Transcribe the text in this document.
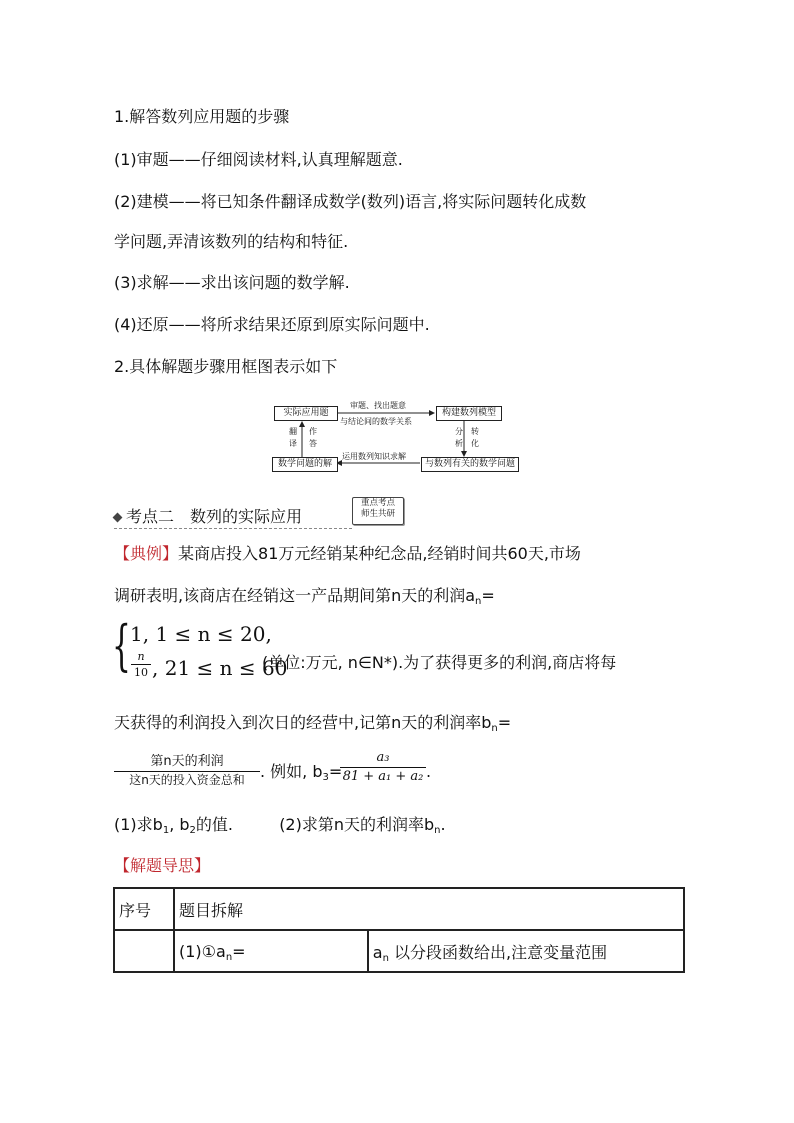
1.解答数列应用题的步骤
(1)审题——仔细阅读材料,认真理解题意.
(2)建模——将已知条件翻译成数学(数列)语言,将实际问题转化成数
学问题,弄清该数列的结构和特征.
(3)求解——求出该问题的数学解.
(4)还原——将所求结果还原到原实际问题中.
2.具体解题步骤用框图表示如下
实际应用题	构建数列模型
数学问题的解	与数列有关的数学问题
审题、找出题意
与结论间的数学关系
运用数列知识求解
翻
译
作
答
分
析
转
化
考点二　数列的实际应用
重点考点
师生共研
【典例】某商店投入81万元经销某种纪念品,经销时间共60天,市场
调研表明,该商店在经销这一产品期间第n天的利润$a_n=$
{ 1, 1 ≤ n ≤ 20,
n
10 , 21 ≤ n ≤ 60
(单位:万元, n∈N*).为了获得更多的利润,商店将每
天获得的利润投入到次日的经营中,记第n天的利润率$b_n=$
第n天的利润
这n天的投入资金总和 . 例如, $b_3=$
a₃
81 + a₁ + a₂ .
(1)求$b_1$, $b_2$的值.	(2)求第n天的利润率$b_n$.
【解题导思】
序号	题目拆解	
	$(1)①a_n=$	$a_n$ 以分段函数给出,注意变量范围
